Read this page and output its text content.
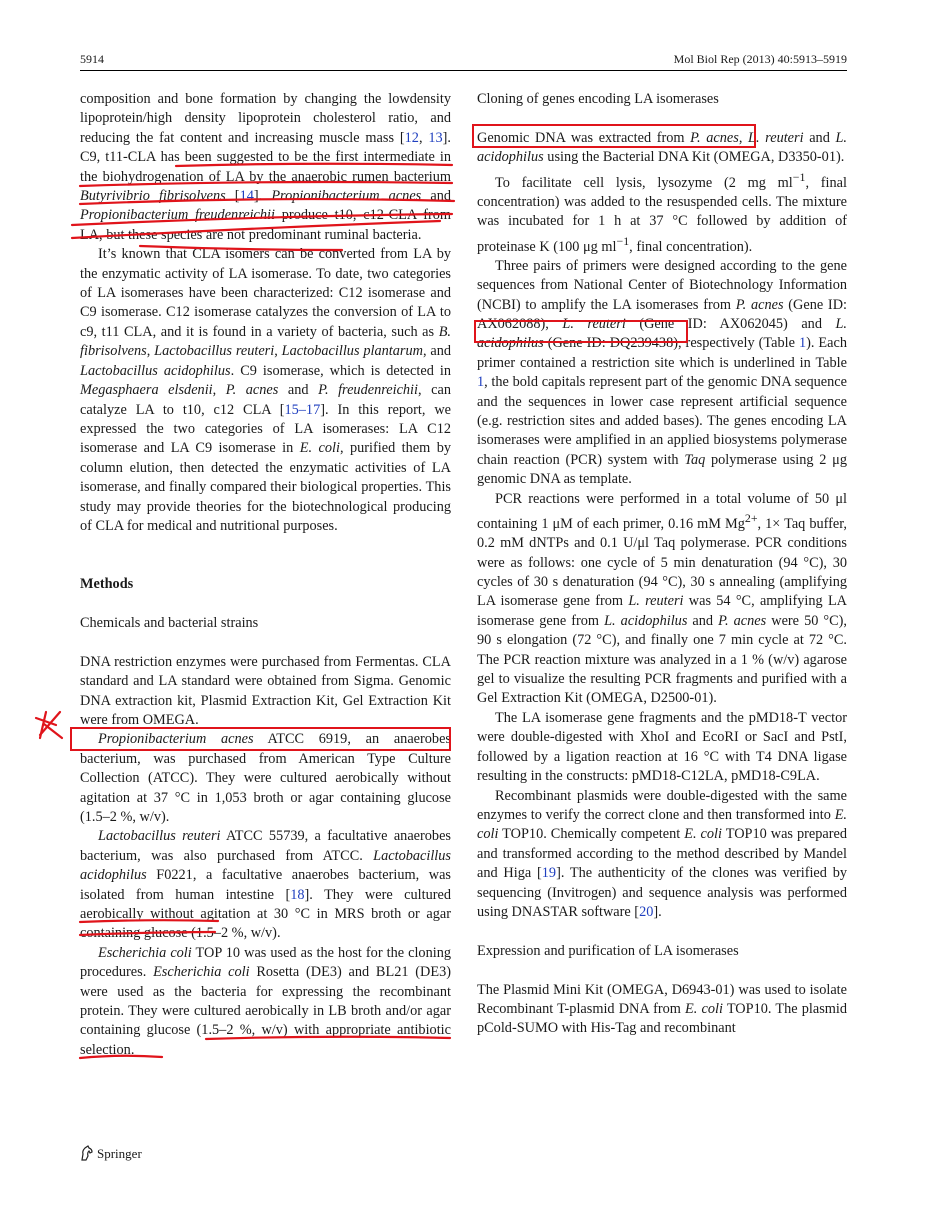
5914	Mol Biol Rep (2013) 40:5913–5919

composition and bone formation by changing the lowdensity lipoprotein/high density lipoprotein cholesterol ratio, and reducing the fat content and increasing muscle mass [12, 13]. C9, t11-CLA has been suggested to be the first intermediate in the biohydrogenation of LA by the anaerobic rumen bacterium Butyrivibrio fibrisolvens [14]. Propionibacterium acnes and Propionibacterium freudenreichii produce t10, c12-CLA from LA, but these species are not predominant ruminal bacteria.

It’s known that CLA isomers can be converted from LA by the enzymatic activity of LA isomerase. To date, two categories of LA isomerases have been characterized: C12 isomerase and C9 isomerase. C12 isomerase catalyzes the conversion of LA to c9, t11 CLA, and it is found in a variety of bacteria, such as B. fibrisolvens, Lactobacillus reuteri, Lactobacillus plantarum, and Lactobacillus acidophilus. C9 isomerase, which is detected in Megasphaera elsdenii, P. acnes and P. freudenreichii, can catalyze LA to t10, c12 CLA [15–17]. In this report, we expressed the two categories of LA isomerases: LA C12 isomerase and LA C9 isomerase in E. coli, purified them by column elution, then detected the enzymatic activities of LA isomerase, and finally compared their biological properties. This study may provide theories for the biotechnological producing of CLA for medical and nutritional purposes.

Methods
Chemicals and bacterial strains

DNA restriction enzymes were purchased from Fermentas. CLA standard and LA standard were obtained from Sigma. Genomic DNA extraction kit, Plasmid Extraction Kit, Gel Extraction Kit were from OMEGA.

Propionibacterium acnes ATCC 6919, an anaerobes bacterium, was purchased from American Type Culture Collection (ATCC). They were cultured aerobically without agitation at 37 °C in 1,053 broth or agar containing glucose (1.5–2 %, w/v).

Lactobacillus reuteri ATCC 55739, a facultative anaerobes bacterium, was also purchased from ATCC. Lactobacillus acidophilus F0221, a facultative anaerobes bacterium, was isolated from human intestine [18]. They were cultured aerobically without agitation at 30 °C in MRS broth or agar containing glucose (1.5–2 %, w/v).

Escherichia coli TOP 10 was used as the host for the cloning procedures. Escherichia coli Rosetta (DE3) and BL21 (DE3) were used as the bacteria for expressing the recombinant protein. They were cultured aerobically in LB broth and/or agar containing glucose (1.5–2 %, w/v) with appropriate antibiotic selection.

Cloning of genes encoding LA isomerases

Genomic DNA was extracted from P. acnes, L. reuteri and L. acidophilus using the Bacterial DNA Kit (OMEGA, D3350-01).

To facilitate cell lysis, lysozyme (2 mg $ml^{-1}$, final concentration) was added to the resuspended cells. The mixture was incubated for 1 h at 37 °C followed by addition of proteinase K (100 μg $ml^{-1}$, final concentration).

Three pairs of primers were designed according to the gene sequences from National Center of Biotechnology Information (NCBI) to amplify the LA isomerases from P. acnes (Gene ID: AX062088), L. reuteri (Gene ID: AX062045) and L. acidophilus (Gene ID: DQ239438), respectively (Table 1). Each primer contained a restriction site which is underlined in Table 1, the bold capitals represent part of the genomic DNA sequence and the sequences in lower case represent artificial sequence (e.g. restriction sites and added bases). The genes encoding LA isomerases were amplified in an applied biosystems polymerase chain reaction (PCR) system with Taq polymerase using 2 μg genomic DNA as template.

PCR reactions were performed in a total volume of 50 μl containing 1 μM of each primer, 0.16 mM $Mg^{2+}$, 1× Taq buffer, 0.2 mM dNTPs and 0.1 U/μl Taq polymerase. PCR conditions were as follows: one cycle of 5 min denaturation (94 °C), 30 cycles of 30 s denaturation (94 °C), 30 s annealing (amplifying LA isomerase gene from L. reuteri was 54 °C, amplifying LA isomerase gene from L. acidophilus and P. acnes were 50 °C), 90 s elongation (72 °C), and finally one 7 min cycle at 72 °C. The PCR reaction mixture was analyzed in a 1 % (w/v) agarose gel to visualize the resulting PCR fragments and purified with a Gel Extraction Kit (OMEGA, D2500-01).

The LA isomerase gene fragments and the pMD18-T vector were double-digested with XhoI and EcoRI or SacI and PstI, followed by a ligation reaction at 16 °C with T4 DNA ligase resulting in the constructs: pMD18-C12LA, pMD18-C9LA.

Recombinant plasmids were double-digested with the same enzymes to verify the correct clone and then transformed into E. coli TOP10. Chemically competent E. coli TOP10 was prepared and transformed according to the method described by Mandel and Higa [19]. The authenticity of the clones was verified by sequencing (Invitrogen) and sequence analysis was performed using DNASTAR software [20].

Expression and purification of LA isomerases

The Plasmid Mini Kit (OMEGA, D6943-01) was used to isolate Recombinant T-plasmid DNA from E. coli TOP10. The plasmid pCold-SUMO with His-Tag and recombinant

Springer
